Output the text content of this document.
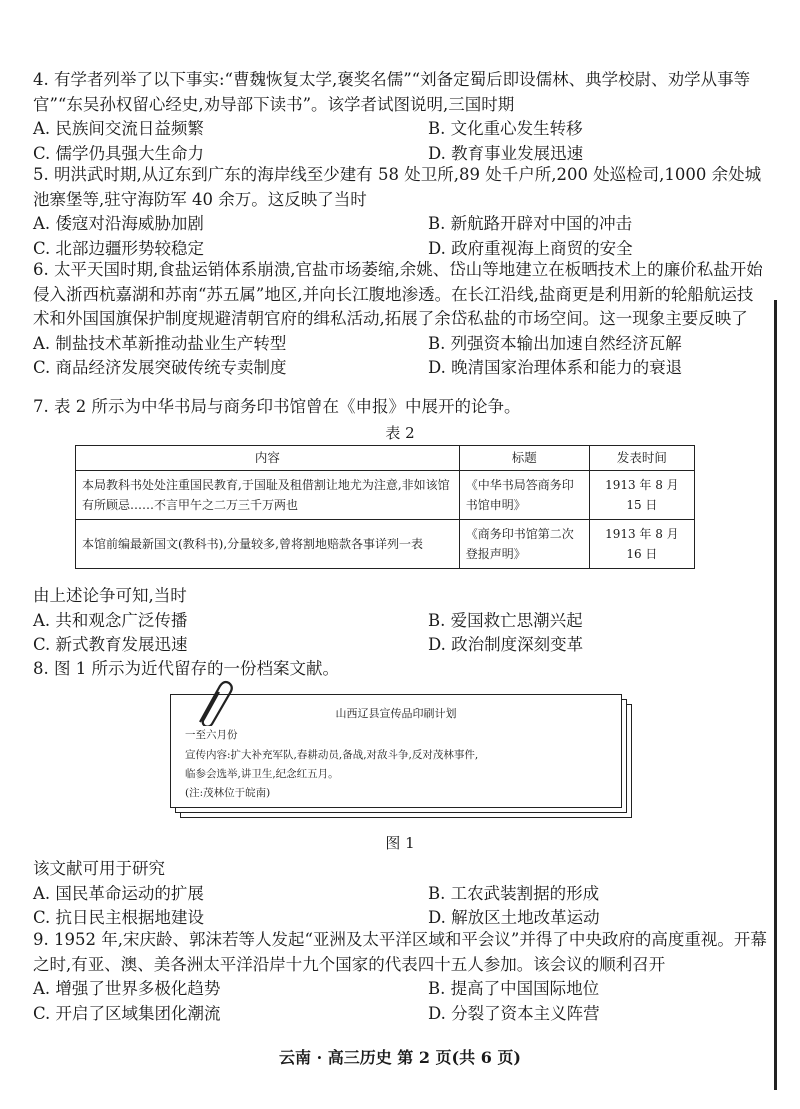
4. 有学者列举了以下事实:“曹魏恢复太学,褒奖名儒”“刘备定蜀后即设儒林、典学校尉、劝学从事等官”“东吴孙权留心经史,劝导部下读书”。该学者试图说明,三国时期

A. 民族间交流日益频繁	B. 文化重心发生转移
C. 儒学仍具强大生命力	D. 教育事业发展迅速

5. 明洪武时期,从辽东到广东的海岸线至少建有 58 处卫所,89 处千户所,200 处巡检司,1000 余处城池寨堡等,驻守海防军 40 余万。这反映了当时

A. 倭寇对沿海威胁加剧	B. 新航路开辟对中国的冲击
C. 北部边疆形势较稳定	D. 政府重视海上商贸的安全

6. 太平天国时期,食盐运销体系崩溃,官盐市场萎缩,余姚、岱山等地建立在板晒技术上的廉价私盐开始侵入浙西杭嘉湖和苏南“苏五属”地区,并向长江腹地渗透。在长江沿线,盐商更是利用新的轮船航运技术和外国国旗保护制度规避清朝官府的缉私活动,拓展了余岱私盐的市场空间。这一现象主要反映了

A. 制盐技术革新推动盐业生产转型	B. 列强资本输出加速自然经济瓦解
C. 商品经济发展突破传统专卖制度	D. 晚清国家治理体系和能力的衰退

7. 表 2 所示为中华书局与商务印书馆曾在《申报》中展开的论争。

表 2
内容	标题	发表时间
本局教科书处处注重国民教育,于国耻及租借割让地尤为注意,非如该馆有所顾忌……不言甲午之二万三千万两也	《中华书局答商务印书馆申明》	1913 年 8 月 15 日
本馆前编最新国文(教科书),分量较多,曾将割地赔款各事详列一表	《商务印书馆第二次登报声明》	1913 年 8 月 16 日

由上述论争可知,当时

A. 共和观念广泛传播	B. 爱国救亡思潮兴起
C. 新式教育发展迅速	D. 政治制度深刻变革

8. 图 1 所示为近代留存的一份档案文献。

山西辽县宣传品印刷计划
一至六月份
宣传内容:扩大补充军队,春耕动员,备战,对敌斗争,反对茂林事件,
临参会选举,讲卫生,纪念红五月。
(注:茂林位于皖南)
图 1

该文献可用于研究

A. 国民革命运动的扩展	B. 工农武装割据的形成
C. 抗日民主根据地建设	D. 解放区土地改革运动

9. 1952 年,宋庆龄、郭沫若等人发起“亚洲及太平洋区域和平会议”并得了中央政府的高度重视。开幕之时,有亚、澳、美各洲太平洋沿岸十九个国家的代表四十五人参加。该会议的顺利召开

A. 增强了世界多极化趋势	B. 提高了中国国际地位
C. 开启了区域集团化潮流	D. 分裂了资本主义阵营
云南 · 高三历史 第 2 页(共 6 页)
